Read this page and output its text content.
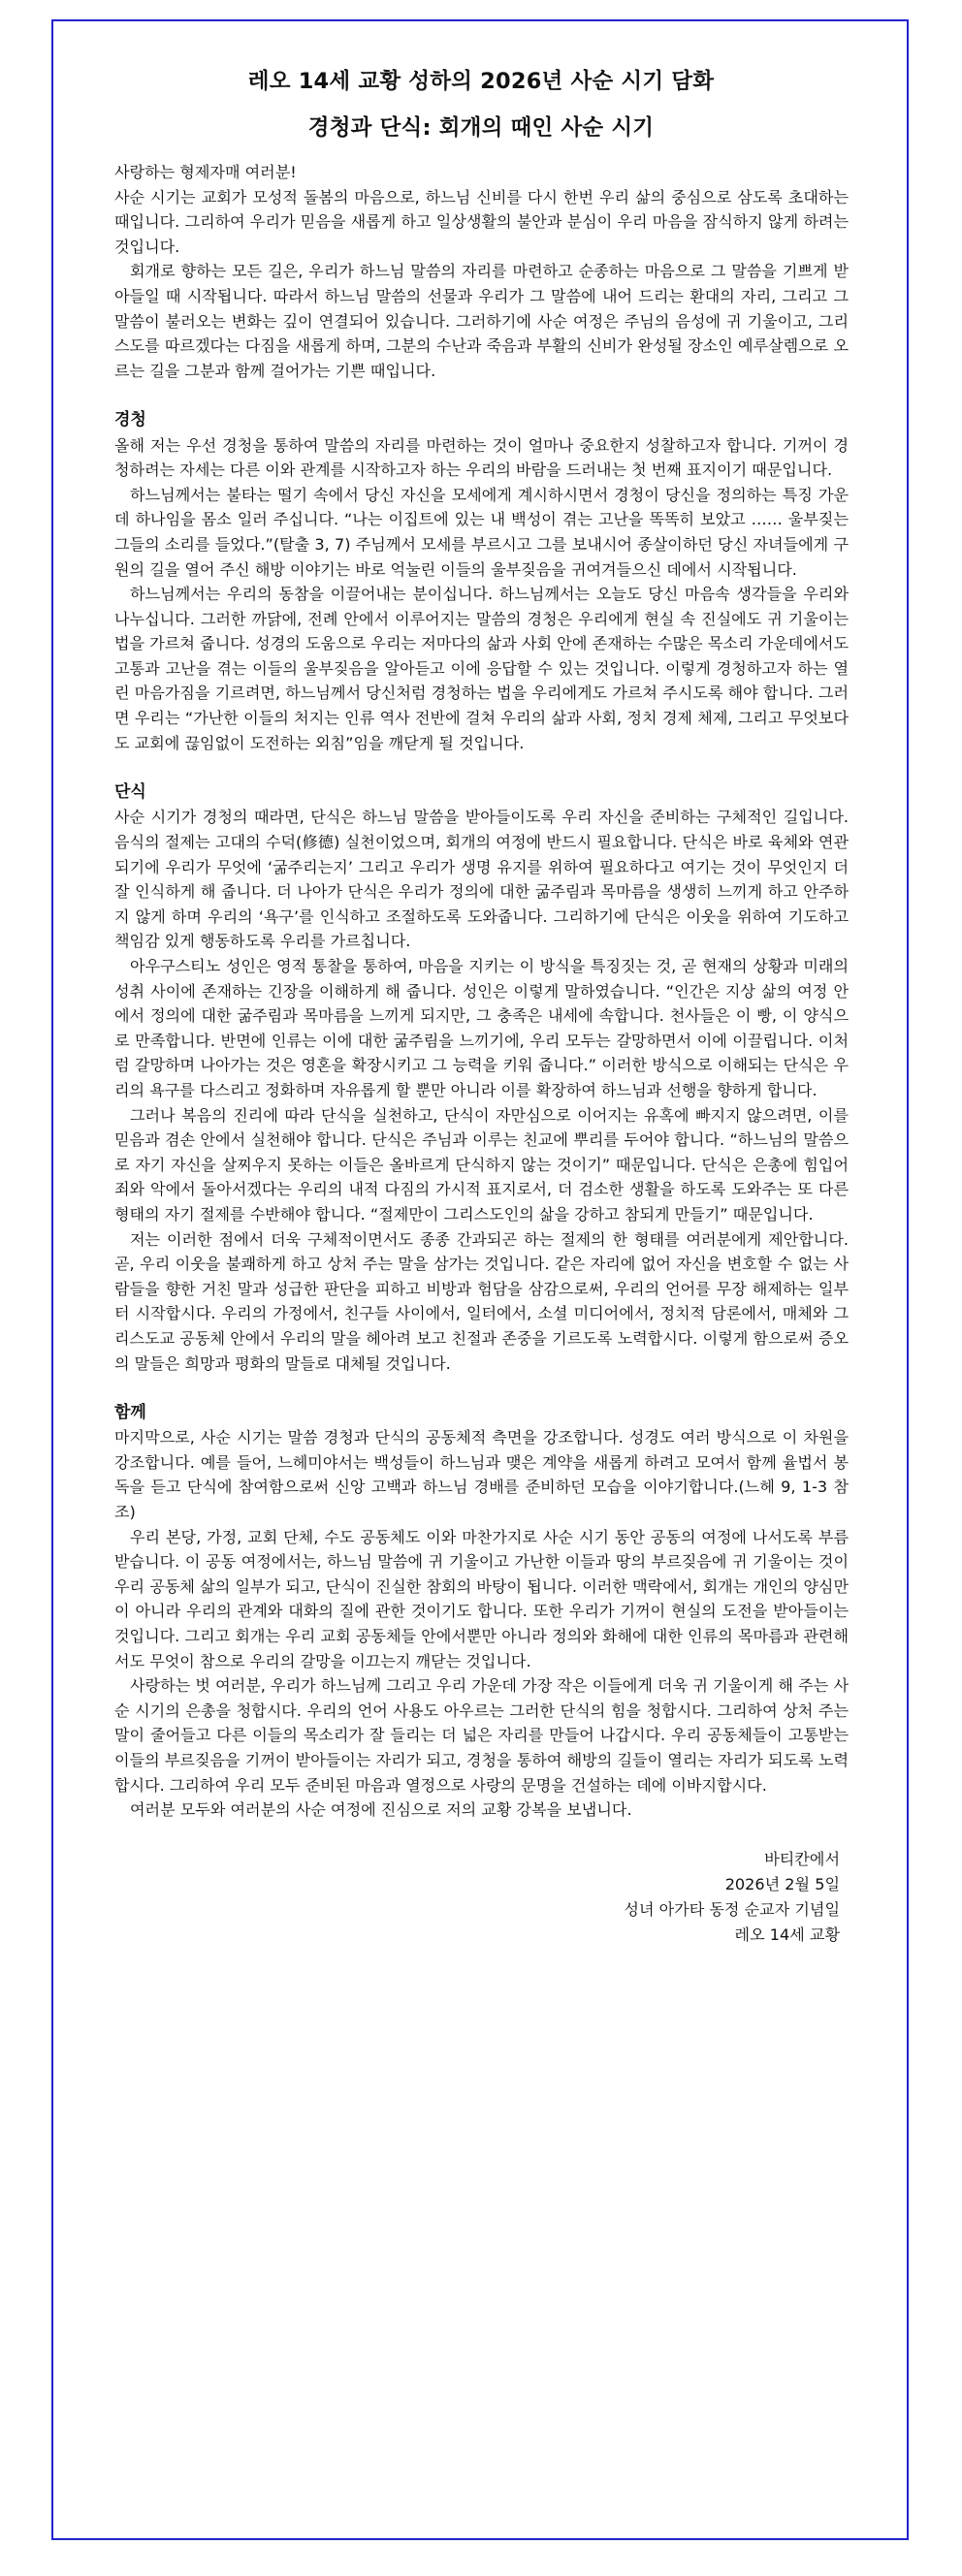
레오 14세 교황 성하의 2026년 사순 시기 담화
경청과 단식: 회개의 때인 사순 시기

사랑하는 형제자매 여러분!

사순 시기는 교회가 모성적 돌봄의 마음으로, 하느님 신비를 다시 한번 우리 삶의 중심으로 삼도록 초대하는 때입니다. 그리하여 우리가 믿음을 새롭게 하고 일상생활의 불안과 분심이 우리 마음을 잠식하지 않게 하려는 것입니다.

회개로 향하는 모든 길은, 우리가 하느님 말씀의 자리를 마련하고 순종하는 마음으로 그 말씀을 기쁘게 받아들일 때 시작됩니다. 따라서 하느님 말씀의 선물과 우리가 그 말씀에 내어 드리는 환대의 자리, 그리고 그 말씀이 불러오는 변화는 깊이 연결되어 있습니다. 그러하기에 사순 여정은 주님의 음성에 귀 기울이고, 그리스도를 따르겠다는 다짐을 새롭게 하며, 그분의 수난과 죽음과 부활의 신비가 완성될 장소인 예루살렘으로 오르는 길을 그분과 함께 걸어가는 기쁜 때입니다.

경청

올해 저는 우선 경청을 통하여 말씀의 자리를 마련하는 것이 얼마나 중요한지 성찰하고자 합니다. 기꺼이 경청하려는 자세는 다른 이와 관계를 시작하고자 하는 우리의 바람을 드러내는 첫 번째 표지이기 때문입니다.

하느님께서는 불타는 떨기 속에서 당신 자신을 모세에게 계시하시면서 경청이 당신을 정의하는 특징 가운데 하나임을 몸소 일러 주십니다. “나는 이집트에 있는 내 백성이 겪는 고난을 똑똑히 보았고 …… 울부짖는 그들의 소리를 들었다.”(탈출 3, 7) 주님께서 모세를 부르시고 그를 보내시어 종살이하던 당신 자녀들에게 구원의 길을 열어 주신 해방 이야기는 바로 억눌린 이들의 울부짖음을 귀여겨들으신 데에서 시작됩니다.

하느님께서는 우리의 동참을 이끌어내는 분이십니다. 하느님께서는 오늘도 당신 마음속 생각들을 우리와 나누십니다. 그러한 까닭에, 전례 안에서 이루어지는 말씀의 경청은 우리에게 현실 속 진실에도 귀 기울이는 법을 가르쳐 줍니다. 성경의 도움으로 우리는 저마다의 삶과 사회 안에 존재하는 수많은 목소리 가운데에서도 고통과 고난을 겪는 이들의 울부짖음을 알아듣고 이에 응답할 수 있는 것입니다. 이렇게 경청하고자 하는 열린 마음가짐을 기르려면, 하느님께서 당신처럼 경청하는 법을 우리에게도 가르쳐 주시도록 해야 합니다. 그러면 우리는 “가난한 이들의 처지는 인류 역사 전반에 걸쳐 우리의 삶과 사회, 정치 경제 체제, 그리고 무엇보다도 교회에 끊임없이 도전하는 외침”임을 깨닫게 될 것입니다.

단식

사순 시기가 경청의 때라면, 단식은 하느님 말씀을 받아들이도록 우리 자신을 준비하는 구체적인 길입니다. 음식의 절제는 고대의 수덕(修德) 실천이었으며, 회개의 여정에 반드시 필요합니다. 단식은 바로 육체와 연관되기에 우리가 무엇에 ‘굶주리는지’ 그리고 우리가 생명 유지를 위하여 필요하다고 여기는 것이 무엇인지 더 잘 인식하게 해 줍니다. 더 나아가 단식은 우리가 정의에 대한 굶주림과 목마름을 생생히 느끼게 하고 안주하지 않게 하며 우리의 ‘욕구’를 인식하고 조절하도록 도와줍니다. 그리하기에 단식은 이웃을 위하여 기도하고 책임감 있게 행동하도록 우리를 가르칩니다.

아우구스티노 성인은 영적 통찰을 통하여, 마음을 지키는 이 방식을 특징짓는 것, 곧 현재의 상황과 미래의 성취 사이에 존재하는 긴장을 이해하게 해 줍니다. 성인은 이렇게 말하였습니다. “인간은 지상 삶의 여정 안에서 정의에 대한 굶주림과 목마름을 느끼게 되지만, 그 충족은 내세에 속합니다. 천사들은 이 빵, 이 양식으로 만족합니다. 반면에 인류는 이에 대한 굶주림을 느끼기에, 우리 모두는 갈망하면서 이에 이끌립니다. 이처럼 갈망하며 나아가는 것은 영혼을 확장시키고 그 능력을 키워 줍니다.” 이러한 방식으로 이해되는 단식은 우리의 욕구를 다스리고 정화하며 자유롭게 할 뿐만 아니라 이를 확장하여 하느님과 선행을 향하게 합니다.

그러나 복음의 진리에 따라 단식을 실천하고, 단식이 자만심으로 이어지는 유혹에 빠지지 않으려면, 이를 믿음과 겸손 안에서 실천해야 합니다. 단식은 주님과 이루는 친교에 뿌리를 두어야 합니다. “하느님의 말씀으로 자기 자신을 살찌우지 못하는 이들은 올바르게 단식하지 않는 것이기” 때문입니다. 단식은 은총에 힘입어 죄와 악에서 돌아서겠다는 우리의 내적 다짐의 가시적 표지로서, 더 검소한 생활을 하도록 도와주는 또 다른 형태의 자기 절제를 수반해야 합니다. “절제만이 그리스도인의 삶을 강하고 참되게 만들기” 때문입니다.

저는 이러한 점에서 더욱 구체적이면서도 종종 간과되곤 하는 절제의 한 형태를 여러분에게 제안합니다. 곧, 우리 이웃을 불쾌하게 하고 상처 주는 말을 삼가는 것입니다. 같은 자리에 없어 자신을 변호할 수 없는 사람들을 향한 거친 말과 성급한 판단을 피하고 비방과 험담을 삼감으로써, 우리의 언어를 무장 해제하는 일부터 시작합시다. 우리의 가정에서, 친구들 사이에서, 일터에서, 소셜 미디어에서, 정치적 담론에서, 매체와 그리스도교 공동체 안에서 우리의 말을 헤아려 보고 친절과 존중을 기르도록 노력합시다. 이렇게 함으로써 증오의 말들은 희망과 평화의 말들로 대체될 것입니다.

함께

마지막으로, 사순 시기는 말씀 경청과 단식의 공동체적 측면을 강조합니다. 성경도 여러 방식으로 이 차원을 강조합니다. 예를 들어, 느헤미야서는 백성들이 하느님과 맺은 계약을 새롭게 하려고 모여서 함께 율법서 봉독을 듣고 단식에 참여함으로써 신앙 고백과 하느님 경배를 준비하던 모습을 이야기합니다.(느헤 9, 1-3 참조)

우리 본당, 가정, 교회 단체, 수도 공동체도 이와 마찬가지로 사순 시기 동안 공동의 여정에 나서도록 부름받습니다. 이 공동 여정에서는, 하느님 말씀에 귀 기울이고 가난한 이들과 땅의 부르짖음에 귀 기울이는 것이 우리 공동체 삶의 일부가 되고, 단식이 진실한 참회의 바탕이 됩니다. 이러한 맥락에서, 회개는 개인의 양심만이 아니라 우리의 관계와 대화의 질에 관한 것이기도 합니다. 또한 우리가 기꺼이 현실의 도전을 받아들이는 것입니다. 그리고 회개는 우리 교회 공동체들 안에서뿐만 아니라 정의와 화해에 대한 인류의 목마름과 관련해서도 무엇이 참으로 우리의 갈망을 이끄는지 깨닫는 것입니다.

사랑하는 벗 여러분, 우리가 하느님께 그리고 우리 가운데 가장 작은 이들에게 더욱 귀 기울이게 해 주는 사순 시기의 은총을 청합시다. 우리의 언어 사용도 아우르는 그러한 단식의 힘을 청합시다. 그리하여 상처 주는 말이 줄어들고 다른 이들의 목소리가 잘 들리는 더 넓은 자리를 만들어 나갑시다. 우리 공동체들이 고통받는 이들의 부르짖음을 기꺼이 받아들이는 자리가 되고, 경청을 통하여 해방의 길들이 열리는 자리가 되도록 노력합시다. 그리하여 우리 모두 준비된 마음과 열정으로 사랑의 문명을 건설하는 데에 이바지합시다.

여러분 모두와 여러분의 사순 여정에 진심으로 저의 교황 강복을 보냅니다.

바티칸에서
2026년 2월 5일
성녀 아가타 동정 순교자 기념일
레오 14세 교황
